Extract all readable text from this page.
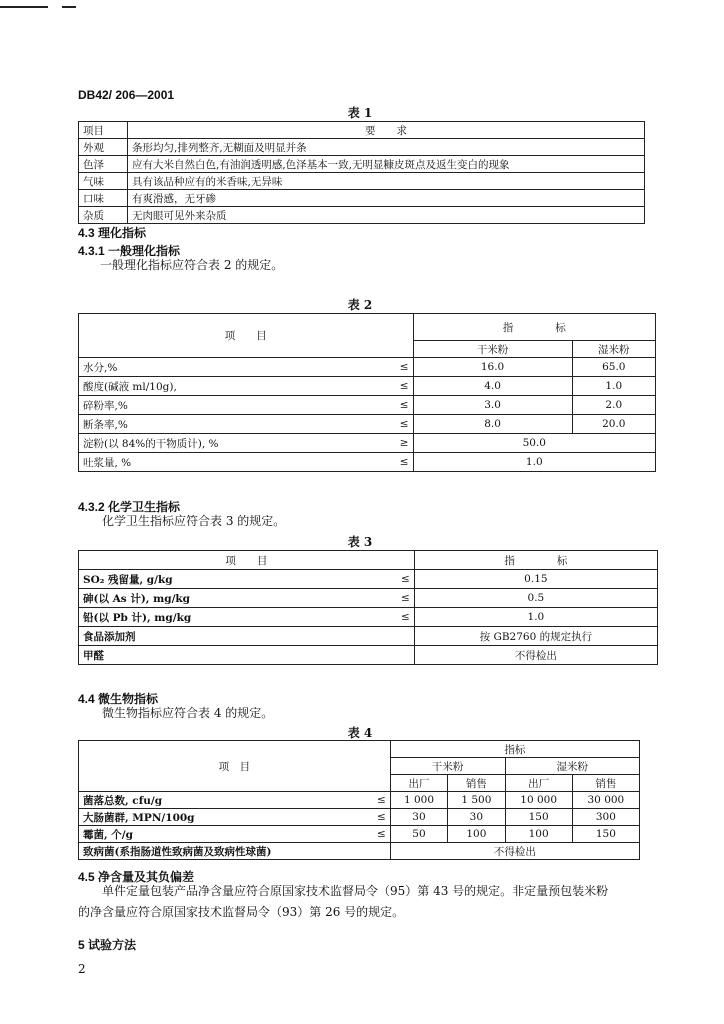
DB42/ 206—2001
表 1
项目	要　　求
外观	条形均匀,排列整齐,无糊面及明显并条
色泽	应有大米自然白色,有油润透明感,色泽基本一致,无明显糠皮斑点及返生变白的现象
气味	具有该品种应有的米香味,无异味
口味	有爽滑感，无牙碜
杂质	无肉眼可见外来杂质
4.3 理化指标
4.3.1 一般理化指标
一般理化指标应符合表 2 的规定。
表 2
项　　目		指　　　　标	
		干米粉	湿米粉
水分,%	≤	16.0	65.0
酸度(碱液 ml/10g),	≤	4.0	1.0
碎粉率,%	≤	3.0	2.0
断条率,%	≤	8.0	20.0
淀粉(以 84%的干物质计), %	≥	50.0	
吐浆量, %	≤	1.0	
4.3.2 化学卫生指标
化学卫生指标应符合表 3 的规定。
表 3
项　　目		指　　　　标
SO₂ 残留量, g/kg	≤	0.15
砷(以 As 计), mg/kg	≤	0.5
铅(以 Pb 计), mg/kg	≤	1.0
食品添加剂		按 GB2760 的规定执行
甲醛		不得检出
4.4 微生物指标
微生物指标应符合表 4 的规定。
表 4
项　目		指标			
		干米粉		湿米粉	
		出厂	销售	出厂	销售
菌落总数, cfu/g	≤	1 000	1 500	10 000	30 000
大肠菌群, MPN/100g	≤	30	30	150	300
霉菌, 个/g	≤	50	100	100	150
致病菌(系指肠道性致病菌及致病性球菌)		不得检出			
4.5 净含量及其负偏差
单件定量包装产品净含量应符合原国家技术监督局令（95）第 43 号的规定。非定量预包装米粉
的净含量应符合原国家技术监督局令（93）第 26 号的规定。
5 试验方法
2
